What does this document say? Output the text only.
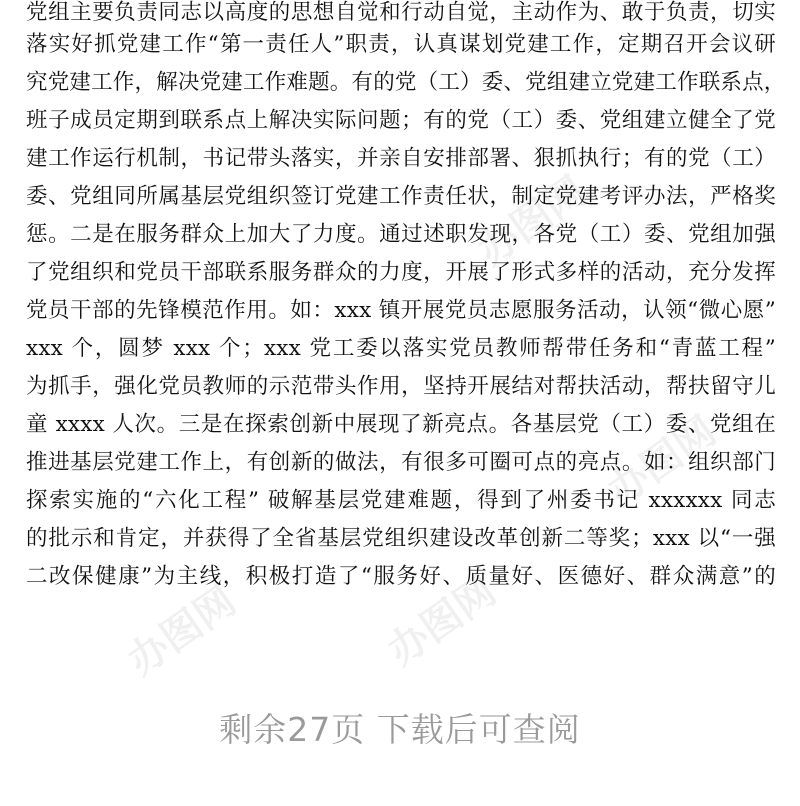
办图网
办图网
办图网	办图网
党组主要负责同志以高度的思想自觉和行动自觉，主动作为、敢于负责，切实
落实好抓党建工作“第一责任人”职责，认真谋划党建工作，定期召开会议研
究党建工作，解决党建工作难题。有的党（工）委、党组建立党建工作联系点，
班子成员定期到联系点上解决实际问题；有的党（工）委、党组建立健全了党
建工作运行机制，书记带头落实，并亲自安排部署、狠抓执行；有的党（工）
委、党组同所属基层党组织签订党建工作责任状，制定党建考评办法，严格奖
惩。二是在服务群众上加大了力度。通过述职发现，各党（工）委、党组加强
了党组织和党员干部联系服务群众的力度，开展了形式多样的活动，充分发挥
党员干部的先锋模范作用。如：xxx 镇开展党员志愿服务活动，认领“微心愿”
xxx 个，圆梦 xxx 个；xxx 党工委以落实党员教师帮带任务和“青蓝工程”
为抓手，强化党员教师的示范带头作用，坚持开展结对帮扶活动，帮扶留守儿
童 xxxx 人次。三是在探索创新中展现了新亮点。各基层党（工）委、党组在
推进基层党建工作上，有创新的做法，有很多可圈可点的亮点。如：组织部门
探索实施的“六化工程” 破解基层党建难题，得到了州委书记 xxxxxx 同志
的批示和肯定，并获得了全省基层党组织建设改革创新二等奖；xxx 以“一强
二改保健康”为主线，积极打造了“服务好、质量好、医德好、群众满意”的
剩余27页 下载后可查阅
